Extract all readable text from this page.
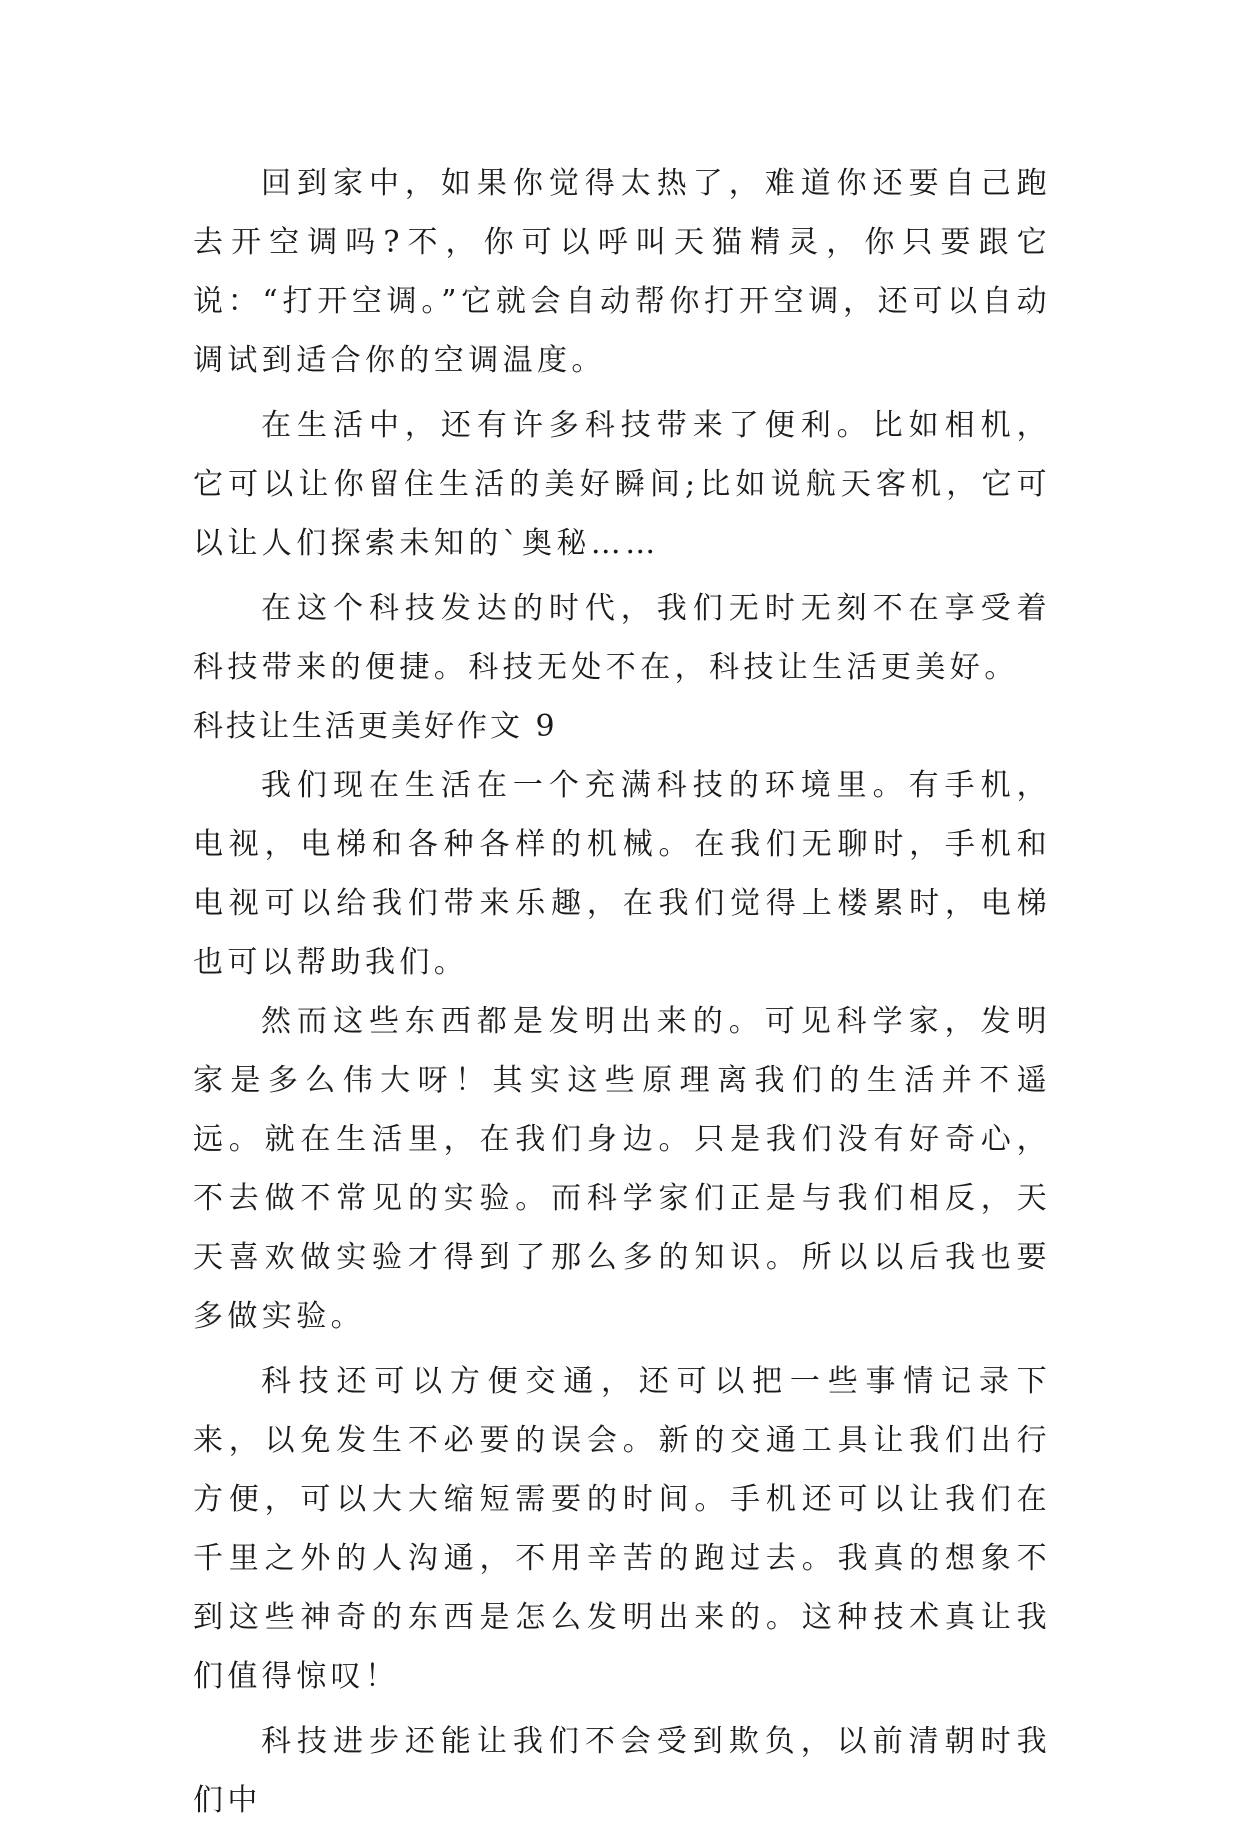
回到家中，如果你觉得太热了，难道你还要自己跑去开空调吗?不，你可以呼叫天猫精灵，你只要跟它说：“打开空调。”它就会自动帮你打开空调，还可以自动调试到适合你的空调温度。

在生活中，还有许多科技带来了便利。比如相机，它可以让你留住生活的美好瞬间;比如说航天客机，它可以让人们探索未知的`奥秘……

在这个科技发达的时代，我们无时无刻不在享受着科技带来的便捷。科技无处不在，科技让生活更美好。

科技让生活更美好作文 9

我们现在生活在一个充满科技的环境里。有手机，电视，电梯和各种各样的机械。在我们无聊时，手机和电视可以给我们带来乐趣，在我们觉得上楼累时，电梯也可以帮助我们。

然而这些东西都是发明出来的。可见科学家，发明家是多么伟大呀！其实这些原理离我们的生活并不遥远。就在生活里，在我们身边。只是我们没有好奇心，不去做不常见的实验。而科学家们正是与我们相反，天天喜欢做实验才得到了那么多的知识。所以以后我也要多做实验。

科技还可以方便交通，还可以把一些事情记录下来，以免发生不必要的误会。新的交通工具让我们出行方便，可以大大缩短需要的时间。手机还可以让我们在千里之外的人沟通，不用辛苦的跑过去。我真的想象不到这些神奇的东西是怎么发明出来的。这种技术真让我们值得惊叹！

科技进步还能让我们不会受到欺负，以前清朝时我们中
